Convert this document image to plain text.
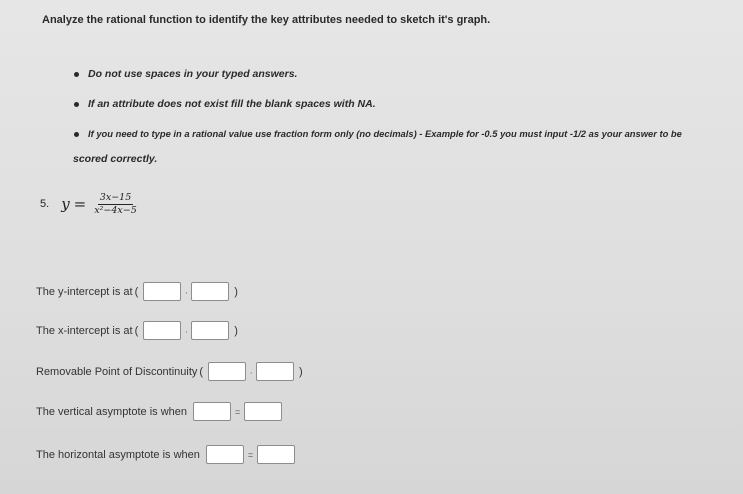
Analyze the rational function to identify the key attributes needed to sketch it's graph.
Do not use spaces in your typed answers.
If an attribute does not exist fill the blank spaces with NA.
If you need to type in a rational value use fraction form only (no decimals) - Example for -0.5 you must input -1/2 as your answer to be
scored correctly.
5. $y = \frac{3x-15}{\text{x²−4x−5}}$
The y-intercept is at (	,	)
The x-intercept is at (	,	)
Removable Point of Discontinuity (	,	)
The vertical asymptote is when	=
The horizontal asymptote is when	=
